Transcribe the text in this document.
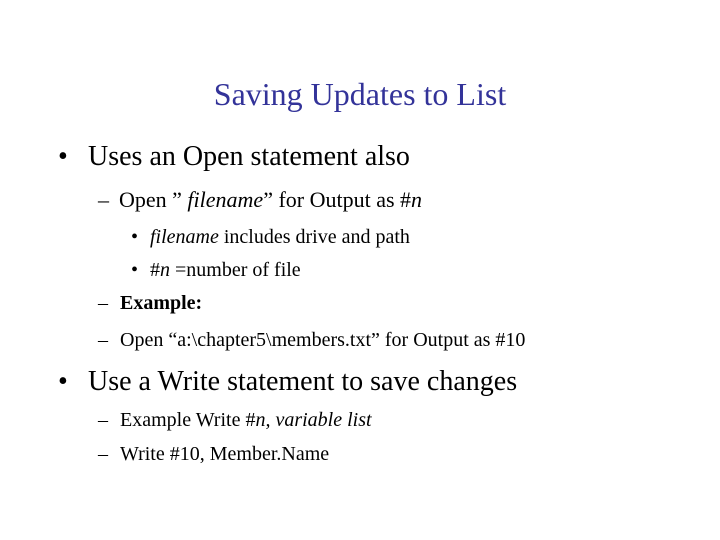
Saving Updates to List
• Uses an Open statement also
– Open ” filename” for Output as #n
• filename includes drive and path
• #n =number of file
– Example:
– Open “a:\chapter5\members.txt” for Output as #10
• Use a Write statement to save changes
– Example Write #n, variable list
– Write #10, Member.Name
